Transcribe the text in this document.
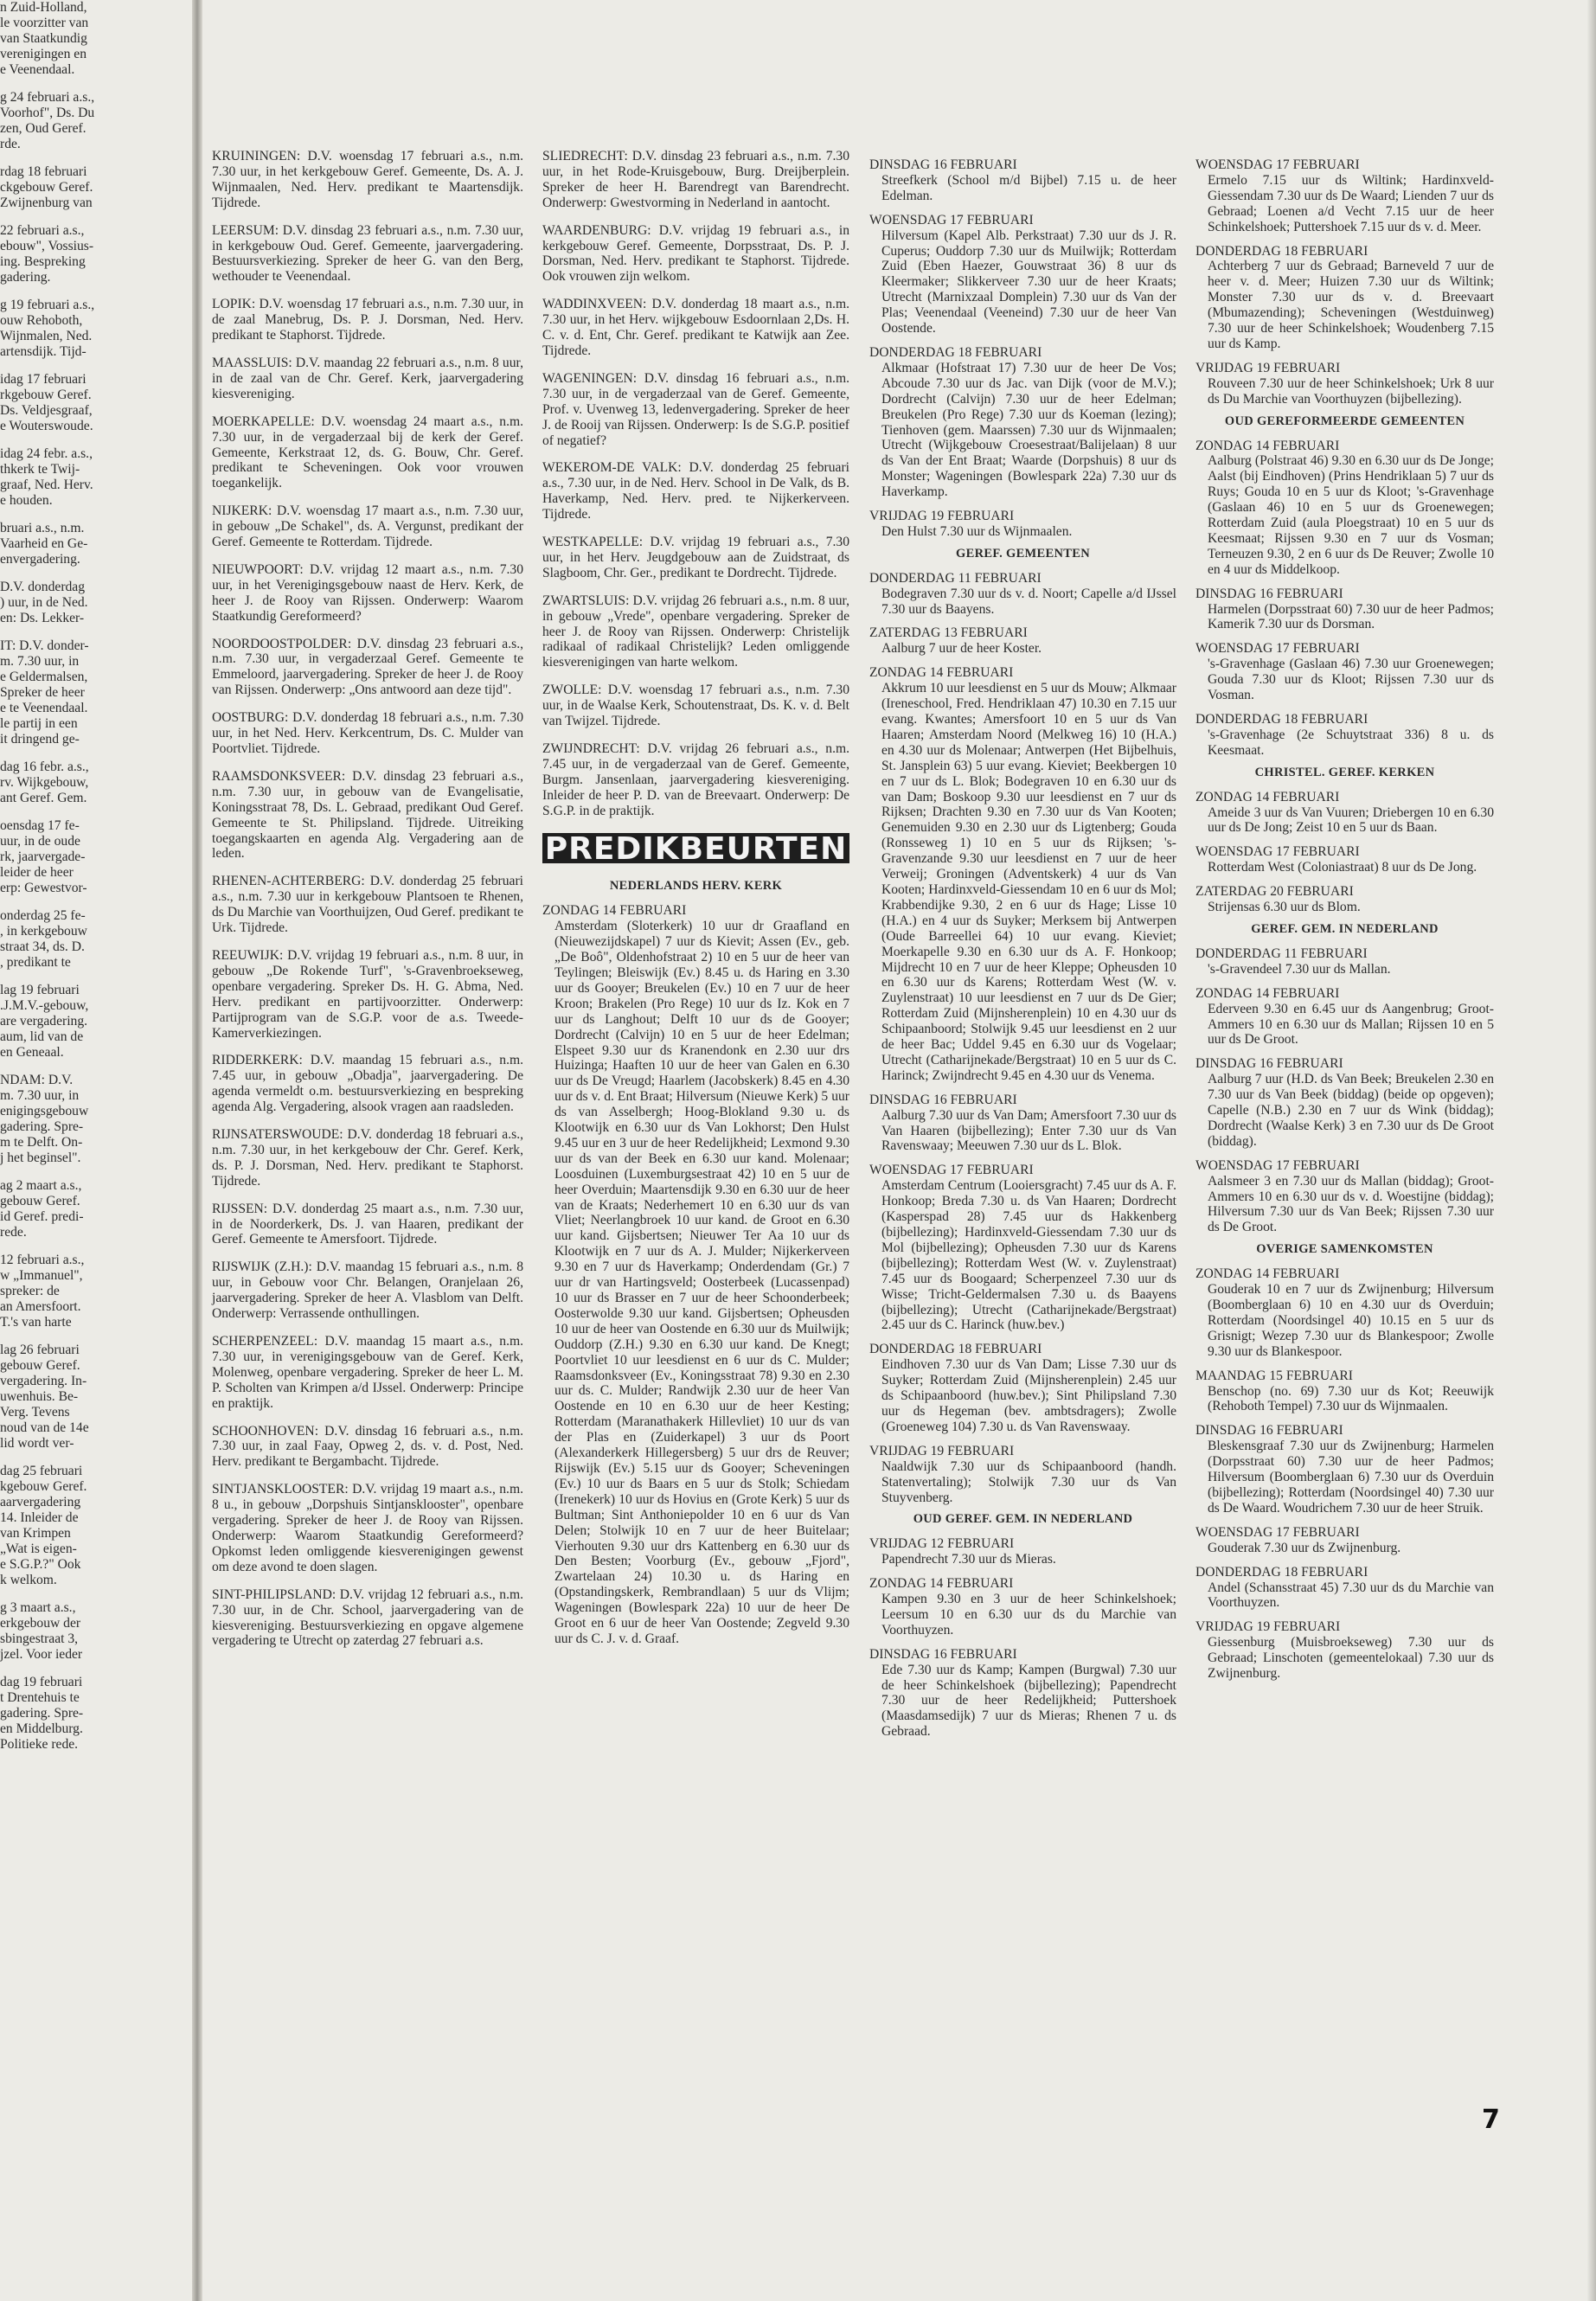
n Zuid-Holland,
le voorzitter van
van Staatkundig
verenigingen en
e Veenendaal.

g 24 februari a.s.,
Voorhof", Ds. Du
zen, Oud Geref.
rde.

rdag 18 februari
ckgebouw Geref.
Zwijnenburg van

22 februari a.s.,
ebouw", Vossius-
ing. Bespreking
gadering.

g 19 februari a.s.,
ouw Rehoboth,
Wijnmalen, Ned.
artensdijk. Tijd-

idag 17 februari
rkgebouw Geref.
Ds. Veldjesgraaf,
e Wouterswoude.

idag 24 febr. a.s.,
thkerk te Twij-
graaf, Ned. Herv.
e houden.

bruari a.s., n.m.
Vaarheid en Ge-
envergadering.

D.V. donderdag
) uur, in de Ned.
en: Ds. Lekker-

IT: D.V. donder-
m. 7.30 uur, in
e Geldermalsen,
Spreker de heer
e te Veenendaal.
le partij in een
it dringend ge-

dag 16 febr. a.s.,
rv. Wijkgebouw,
ant Geref. Gem.

oensdag 17 fe-
uur, in de oude
rk, jaarvergade-
leider de heer
erp: Gewestvor-

onderdag 25 fe-
, in kerkgebouw
straat 34, ds. D.
, predikant te

lag 19 februari
.J.M.V.-gebouw,
are vergadering.
aum, lid van de
en Geneaal.

NDAM: D.V.
m. 7.30 uur, in
enigingsgebouw
gadering. Spre-
m te Delft. On-
j het beginsel".

ag 2 maart a.s.,
gebouw Geref.
id Geref. predi-
rede.

12 februari a.s.,
w „Immanuel",
spreker: de
an Amersfoort.
T.'s van harte

lag 26 februari
gebouw Geref.
vergadering. In-
uwenhuis. Be-
Verg. Tevens
noud van de 14e
lid wordt ver-

dag 25 februari
kgebouw Geref.
aarvergadering
14. Inleider de
van Krimpen
„Wat is eigen-
e S.G.P.?" Ook
k welkom.

g 3 maart a.s.,
erkgebouw der
sbingestraat 3,
jzel. Voor ieder

dag 19 februari
t Drentehuis te
gadering. Spre-
en Middelburg.
Politieke rede.

KRUININGEN: D.V. woensdag 17 februari a.s., n.m. 7.30 uur, in het kerkgebouw Geref. Gemeente, Ds. A. J. Wijnmaalen, Ned. Herv. predikant te Maartensdijk. Tijdrede.

LEERSUM: D.V. dinsdag 23 februari a.s., n.m. 7.30 uur, in kerkgebouw Oud. Geref. Gemeente, jaarvergadering. Bestuursverkiezing. Spreker de heer G. van den Berg, wethouder te Veenendaal.

LOPIK: D.V. woensdag 17 februari a.s., n.m. 7.30 uur, in de zaal Manebrug, Ds. P. J. Dorsman, Ned. Herv. predikant te Staphorst. Tijdrede.

MAASSLUIS: D.V. maandag 22 februari a.s., n.m. 8 uur, in de zaal van de Chr. Geref. Kerk, jaarvergadering kiesvereniging.

MOERKAPELLE: D.V. woensdag 24 maart a.s., n.m. 7.30 uur, in de vergaderzaal bij de kerk der Geref. Gemeente, Kerkstraat 12, ds. G. Bouw, Chr. Geref. predikant te Scheveningen. Ook voor vrouwen toegankelijk.

NIJKERK: D.V. woensdag 17 maart a.s., n.m. 7.30 uur, in gebouw „De Schakel", ds. A. Vergunst, predikant der Geref. Gemeente te Rotterdam. Tijdrede.

NIEUWPOORT: D.V. vrijdag 12 maart a.s., n.m. 7.30 uur, in het Verenigingsgebouw naast de Herv. Kerk, de heer J. de Rooy van Rijssen. Onderwerp: Waarom Staatkundig Gereformeerd?

NOORDOOSTPOLDER: D.V. dinsdag 23 februari a.s., n.m. 7.30 uur, in vergaderzaal Geref. Gemeente te Emmeloord, jaarvergadering. Spreker de heer J. de Rooy van Rijssen. Onderwerp: „Ons antwoord aan deze tijd".

OOSTBURG: D.V. donderdag 18 februari a.s., n.m. 7.30 uur, in het Ned. Herv. Kerkcentrum, Ds. C. Mulder van Poortvliet. Tijdrede.

RAAMSDONKSVEER: D.V. dinsdag 23 februari a.s., n.m. 7.30 uur, in gebouw van de Evangelisatie, Koningsstraat 78, Ds. L. Gebraad, predikant Oud Geref. Gemeente te St. Philipsland. Tijdrede. Uitreiking toegangskaarten en agenda Alg. Vergadering aan de leden.

RHENEN-ACHTERBERG: D.V. donderdag 25 februari a.s., n.m. 7.30 uur in kerkgebouw Plantsoen te Rhenen, ds Du Marchie van Voorthuijzen, Oud Geref. predikant te Urk. Tijdrede.

REEUWIJK: D.V. vrijdag 19 februari a.s., n.m. 8 uur, in gebouw „De Rokende Turf", 's-Gravenbroekseweg, openbare vergadering. Spreker Ds. H. G. Abma, Ned. Herv. predikant en partijvoorzitter. Onderwerp: Partijprogram van de S.G.P. voor de a.s. Tweede-Kamerverkiezingen.

RIDDERKERK: D.V. maandag 15 februari a.s., n.m. 7.45 uur, in gebouw „Obadja", jaarvergadering. De agenda vermeldt o.m. bestuursverkiezing en bespreking agenda Alg. Vergadering, alsook vragen aan raadsleden.

RIJNSATERSWOUDE: D.V. donderdag 18 februari a.s., n.m. 7.30 uur, in het kerkgebouw der Chr. Geref. Kerk, ds. P. J. Dorsman, Ned. Herv. predikant te Staphorst. Tijdrede.

RIJSSEN: D.V. donderdag 25 maart a.s., n.m. 7.30 uur, in de Noorderkerk, Ds. J. van Haaren, predikant der Geref. Gemeente te Amersfoort. Tijdrede.

RIJSWIJK (Z.H.): D.V. maandag 15 februari a.s., n.m. 8 uur, in Gebouw voor Chr. Belangen, Oranjelaan 26, jaarvergadering. Spreker de heer A. Vlasblom van Delft. Onderwerp: Verrassende onthullingen.

SCHERPENZEEL: D.V. maandag 15 maart a.s., n.m. 7.30 uur, in verenigingsgebouw van de Geref. Kerk, Molenweg, openbare vergadering. Spreker de heer L. M. P. Scholten van Krimpen a/d IJssel. Onderwerp: Principe en praktijk.

SCHOONHOVEN: D.V. dinsdag 16 februari a.s., n.m. 7.30 uur, in zaal Faay, Opweg 2, ds. v. d. Post, Ned. Herv. predikant te Bergambacht. Tijdrede.

SINTJANSKLOOSTER: D.V. vrijdag 19 maart a.s., n.m. 8 u., in gebouw „Dorpshuis Sintjansklooster", openbare vergadering. Spreker de heer J. de Rooy van Rijssen. Onderwerp: Waarom Staatkundig Gereformeerd? Opkomst leden omliggende kiesverenigingen gewenst om deze avond te doen slagen.

SINT-PHILIPSLAND: D.V. vrijdag 12 februari a.s., n.m. 7.30 uur, in de Chr. School, jaarvergadering van de kiesvereniging. Bestuursverkiezing en opgave algemene vergadering te Utrecht op zaterdag 27 februari a.s.

SLIEDRECHT: D.V. dinsdag 23 februari a.s., n.m. 7.30 uur, in het Rode-Kruisgebouw, Burg. Dreijberplein. Spreker de heer H. Barendregt van Barendrecht. Onderwerp: Gwestvorming in Nederland in aantocht.

WAARDENBURG: D.V. vrijdag 19 februari a.s., in kerkgebouw Geref. Gemeente, Dorpsstraat, Ds. P. J. Dorsman, Ned. Herv. predikant te Staphorst. Tijdrede. Ook vrouwen zijn welkom.

WADDINXVEEN: D.V. donderdag 18 maart a.s., n.m. 7.30 uur, in het Herv. wijkgebouw Esdoornlaan 2,Ds. H. C. v. d. Ent, Chr. Geref. predikant te Katwijk aan Zee. Tijdrede.

WAGENINGEN: D.V. dinsdag 16 februari a.s., n.m. 7.30 uur, in de vergaderzaal van de Geref. Gemeente, Prof. v. Uvenweg 13, ledenvergadering. Spreker de heer J. de Rooij van Rijssen. Onderwerp: Is de S.G.P. positief of negatief?

WEKEROM-DE VALK: D.V. donderdag 25 februari a.s., 7.30 uur, in de Ned. Herv. School in De Valk, ds B. Haverkamp, Ned. Herv. pred. te Nijkerkerveen. Tijdrede.

WESTKAPELLE: D.V. vrijdag 19 februari a.s., 7.30 uur, in het Herv. Jeugdgebouw aan de Zuidstraat, ds Slagboom, Chr. Ger., predikant te Dordrecht. Tijdrede.

ZWARTSLUIS: D.V. vrijdag 26 februari a.s., n.m. 8 uur, in gebouw „Vrede", openbare vergadering. Spreker de heer J. de Rooy van Rijssen. Onderwerp: Christelijk radikaal of radikaal Christelijk? Leden omliggende kiesverenigingen van harte welkom.

ZWOLLE: D.V. woensdag 17 februari a.s., n.m. 7.30 uur, in de Waalse Kerk, Schoutenstraat, Ds. K. v. d. Belt van Twijzel. Tijdrede.

ZWIJNDRECHT: D.V. vrijdag 26 februari a.s., n.m. 7.45 uur, in de vergaderzaal van de Geref. Gemeente, Burgm. Jansenlaan, jaarvergadering kiesvereniging. Inleider de heer P. D. van de Breevaart. Onderwerp: De S.G.P. in de praktijk.

PREDIKBEURTEN
NEDERLANDS HERV. KERK
ZONDAG 14 FEBRUARI
Amsterdam (Sloterkerk) 10 uur dr Graafland en (Nieuwezijdskapel) 7 uur ds Kievit; Assen (Ev., geb. „De Boô", Oldenhofstraat 2) 10 en 5 uur de heer van Teylingen; Bleiswijk (Ev.) 8.45 u. ds Haring en 3.30 uur ds Gooyer; Breukelen (Ev.) 10 en 7 uur de heer Kroon; Brakelen (Pro Rege) 10 uur ds Iz. Kok en 7 uur ds Langhout; Delft 10 uur ds de Gooyer; Dordrecht (Calvijn) 10 en 5 uur de heer Edelman; Elspeet 9.30 uur ds Kranendonk en 2.30 uur drs Huizinga; Haaften 10 uur de heer van Galen en 6.30 uur ds De Vreugd; Haarlem (Jacobskerk) 8.45 en 4.30 uur ds v. d. Ent Braat; Hilversum (Nieuwe Kerk) 5 uur ds van Asselbergh; Hoog-Blokland 9.30 u. ds Klootwijk en 6.30 uur ds Van Lokhorst; Den Hulst 9.45 uur en 3 uur de heer Redelijkheid; Lexmond 9.30 uur ds van der Beek en 6.30 uur kand. Molenaar; Loosduinen (Luxemburgsestraat 42) 10 en 5 uur de heer Overduin; Maartensdijk 9.30 en 6.30 uur de heer van de Kraats; Nederhemert 10 en 6.30 uur ds van Vliet; Neerlangbroek 10 uur kand. de Groot en 6.30 uur kand. Gijsbertsen; Nieuwer Ter Aa 10 uur ds Klootwijk en 7 uur ds A. J. Mulder; Nijkerkerveen 9.30 en 7 uur ds Haverkamp; Onderdendam (Gr.) 7 uur dr van Hartingsveld; Oosterbeek (Lucassenpad) 10 uur ds Brasser en 7 uur de heer Schoonderbeek; Oosterwolde 9.30 uur kand. Gijsbertsen; Opheusden 10 uur de heer van Oostende en 6.30 uur ds Muilwijk; Ouddorp (Z.H.) 9.30 en 6.30 uur kand. De Knegt; Poortvliet 10 uur leesdienst en 6 uur ds C. Mulder; Raamsdonksveer (Ev., Koningsstraat 78) 9.30 en 2.30 uur ds. C. Mulder; Randwijk 2.30 uur de heer Van Oostende en 10 en 6.30 uur de heer Kesting; Rotterdam (Maranathakerk Hillevliet) 10 uur ds van der Plas en (Zuiderkapel) 3 uur ds Poort (Alexanderkerk Hillegersberg) 5 uur drs de Reuver; Rijswijk (Ev.) 5.15 uur ds Gooyer; Scheveningen (Ev.) 10 uur ds Baars en 5 uur ds Stolk; Schiedam (Irenekerk) 10 uur ds Hovius en (Grote Kerk) 5 uur ds Bultman; Sint Anthoniepolder 10 en 6 uur ds Van Delen; Stolwijk 10 en 7 uur de heer Buitelaar; Vierhouten 9.30 uur drs Kattenberg en 6.30 uur ds Den Besten; Voorburg (Ev., gebouw „Fjord", Zwartelaan 24) 10.30 u. ds Haring en (Opstandingskerk, Rembrandlaan) 5 uur ds Vlijm; Wageningen (Bowlespark 22a) 10 uur de heer De Groot en 6 uur de heer Van Oostende; Zegveld 9.30 uur ds C. J. v. d. Graaf.
DINSDAG 16 FEBRUARI
Streefkerk (School m/d Bijbel) 7.15 u. de heer Edelman.
WOENSDAG 17 FEBRUARI
Hilversum (Kapel Alb. Perkstraat) 7.30 uur ds J. R. Cuperus; Ouddorp 7.30 uur ds Muilwijk; Rotterdam Zuid (Eben Haezer, Gouwstraat 36) 8 uur ds Kleermaker; Slikkerveer 7.30 uur de heer Kraats; Utrecht (Marnixzaal Domplein) 7.30 uur ds Van der Plas; Veenendaal (Veeneind) 7.30 uur de heer Van Oostende.
DONDERDAG 18 FEBRUARI
Alkmaar (Hofstraat 17) 7.30 uur de heer De Vos; Abcoude 7.30 uur ds Jac. van Dijk (voor de M.V.); Dordrecht (Calvijn) 7.30 uur de heer Edelman; Breukelen (Pro Rege) 7.30 uur ds Koeman (lezing); Tienhoven (gem. Maarssen) 7.30 uur ds Wijnmaalen; Utrecht (Wijkgebouw Croesestraat/Balijelaan) 8 uur ds Van der Ent Braat; Waarde (Dorpshuis) 8 uur ds Monster; Wageningen (Bowlespark 22a) 7.30 uur ds Haverkamp.
VRIJDAG 19 FEBRUARI
Den Hulst 7.30 uur ds Wijnmaalen.
GEREF. GEMEENTEN
DONDERDAG 11 FEBRUARI
Bodegraven 7.30 uur ds v. d. Noort; Capelle a/d IJssel 7.30 uur ds Baayens.
ZATERDAG 13 FEBRUARI
Aalburg 7 uur de heer Koster.
ZONDAG 14 FEBRUARI
Akkrum 10 uur leesdienst en 5 uur ds Mouw; Alkmaar (Ireneschool, Fred. Hendriklaan 47) 10.30 en 7.15 uur evang. Kwantes; Amersfoort 10 en 5 uur ds Van Haaren; Amsterdam Noord (Melkweg 16) 10 (H.A.) en 4.30 uur ds Molenaar; Antwerpen (Het Bijbelhuis, St. Jansplein 63) 5 uur evang. Kieviet; Beekbergen 10 en 7 uur ds L. Blok; Bodegraven 10 en 6.30 uur ds van Dam; Boskoop 9.30 uur leesdienst en 7 uur ds Rijksen; Drachten 9.30 en 7.30 uur ds Van Kooten; Genemuiden 9.30 en 2.30 uur ds Ligtenberg; Gouda (Ronsseweg 1) 10 en 5 uur ds Rijksen; 's-Gravenzande 9.30 uur leesdienst en 7 uur de heer Verweij; Groningen (Adventskerk) 4 uur ds Van Kooten; Hardinxveld-Giessendam 10 en 6 uur ds Mol; Krabbendijke 9.30, 2 en 6 uur ds Hage; Lisse 10 (H.A.) en 4 uur ds Suyker; Merksem bij Antwerpen (Oude Barreellei 64) 10 uur evang. Kieviet; Moerkapelle 9.30 en 6.30 uur ds A. F. Honkoop; Mijdrecht 10 en 7 uur de heer Kleppe; Opheusden 10 en 6.30 uur ds Karens; Rotterdam West (W. v. Zuylenstraat) 10 uur leesdienst en 7 uur ds De Gier; Rotterdam Zuid (Mijnsherenplein) 10 en 4.30 uur ds Schipaanboord; Stolwijk 9.45 uur leesdienst en 2 uur de heer Bac; Uddel 9.45 en 6.30 uur ds Vogelaar; Utrecht (Catharijnekade/Bergstraat) 10 en 5 uur ds C. Harinck; Zwijndrecht 9.45 en 4.30 uur ds Venema.
DINSDAG 16 FEBRUARI
Aalburg 7.30 uur ds Van Dam; Amersfoort 7.30 uur ds Van Haaren (bijbellezing); Enter 7.30 uur ds Van Ravenswaay; Meeuwen 7.30 uur ds L. Blok.
WOENSDAG 17 FEBRUARI
Amsterdam Centrum (Looiersgracht) 7.45 uur ds A. F. Honkoop; Breda 7.30 u. ds Van Haaren; Dordrecht (Kasperspad 28) 7.45 uur ds Hakkenberg (bijbellezing); Hardinxveld-Giessendam 7.30 uur ds Mol (bijbellezing); Opheusden 7.30 uur ds Karens (bijbellezing); Rotterdam West (W. v. Zuylenstraat) 7.45 uur ds Boogaard; Scherpenzeel 7.30 uur ds Wisse; Tricht-Geldermalsen 7.30 u. ds Baayens (bijbellezing); Utrecht (Catharijnekade/Bergstraat) 2.45 uur ds C. Harinck (huw.bev.)
DONDERDAG 18 FEBRUARI
Eindhoven 7.30 uur ds Van Dam; Lisse 7.30 uur ds Suyker; Rotterdam Zuid (Mijnsherenplein) 2.45 uur ds Schipaanboord (huw.bev.); Sint Philipsland 7.30 uur ds Hegeman (bev. ambtsdragers); Zwolle (Groeneweg 104) 7.30 u. ds Van Ravenswaay.
VRIJDAG 19 FEBRUARI
Naaldwijk 7.30 uur ds Schipaanboord (handh. Statenvertaling); Stolwijk 7.30 uur ds Van Stuyvenberg.
OUD GEREF. GEM. IN NEDERLAND
VRIJDAG 12 FEBRUARI
Papendrecht 7.30 uur ds Mieras.
ZONDAG 14 FEBRUARI
Kampen 9.30 en 3 uur de heer Schinkelshoek; Leersum 10 en 6.30 uur ds du Marchie van Voorthuyzen.
DINSDAG 16 FEBRUARI
Ede 7.30 uur ds Kamp; Kampen (Burgwal) 7.30 uur de heer Schinkelshoek (bijbellezing); Papendrecht 7.30 uur de heer Redelijkheid; Puttershoek (Maasdamsedijk) 7 uur ds Mieras; Rhenen 7 u. ds Gebraad.
WOENSDAG 17 FEBRUARI
Ermelo 7.15 uur ds Wiltink; Hardinxveld-Giessendam 7.30 uur ds De Waard; Lienden 7 uur ds Gebraad; Loenen a/d Vecht 7.15 uur de heer Schinkelshoek; Puttershoek 7.15 uur ds v. d. Meer.
DONDERDAG 18 FEBRUARI
Achterberg 7 uur ds Gebraad; Barneveld 7 uur de heer v. d. Meer; Huizen 7.30 uur ds Wiltink; Monster 7.30 uur ds v. d. Breevaart (Mbumazending); Scheveningen (Westduinweg) 7.30 uur de heer Schinkelshoek; Woudenberg 7.15 uur ds Kamp.
VRIJDAG 19 FEBRUARI
Rouveen 7.30 uur de heer Schinkelshoek; Urk 8 uur ds Du Marchie van Voorthuyzen (bijbellezing).
OUD GEREFORMEERDE GEMEENTEN
ZONDAG 14 FEBRUARI
Aalburg (Polstraat 46) 9.30 en 6.30 uur ds De Jonge; Aalst (bij Eindhoven) (Prins Hendriklaan 5) 7 uur ds Ruys; Gouda 10 en 5 uur ds Kloot; 's-Gravenhage (Gaslaan 46) 10 en 5 uur ds Groenewegen; Rotterdam Zuid (aula Ploegstraat) 10 en 5 uur ds Keesmaat; Rijssen 9.30 en 7 uur ds Vosman; Terneuzen 9.30, 2 en 6 uur ds De Reuver; Zwolle 10 en 4 uur ds Middelkoop.
DINSDAG 16 FEBRUARI
Harmelen (Dorpsstraat 60) 7.30 uur de heer Padmos; Kamerik 7.30 uur ds Dorsman.
WOENSDAG 17 FEBRUARI
's-Gravenhage (Gaslaan 46) 7.30 uur Groenewegen; Gouda 7.30 uur ds Kloot; Rijssen 7.30 uur ds Vosman.
DONDERDAG 18 FEBRUARI
's-Gravenhage (2e Schuytstraat 336) 8 u. ds Keesmaat.
CHRISTEL. GEREF. KERKEN
ZONDAG 14 FEBRUARI
Ameide 3 uur ds Van Vuuren; Driebergen 10 en 6.30 uur ds De Jong; Zeist 10 en 5 uur ds Baan.
WOENSDAG 17 FEBRUARI
Rotterdam West (Coloniastraat) 8 uur ds De Jong.
ZATERDAG 20 FEBRUARI
Strijensas 6.30 uur ds Blom.
GEREF. GEM. IN NEDERLAND
DONDERDAG 11 FEBRUARI
's-Gravendeel 7.30 uur ds Mallan.
ZONDAG 14 FEBRUARI
Ederveen 9.30 en 6.45 uur ds Aangenbrug; Groot-Ammers 10 en 6.30 uur ds Mallan; Rijssen 10 en 5 uur ds De Groot.
DINSDAG 16 FEBRUARI
Aalburg 7 uur (H.D. ds Van Beek; Breukelen 2.30 en 7.30 uur ds Van Beek (biddag) (beide op opgeven); Capelle (N.B.) 2.30 en 7 uur ds Wink (biddag); Dordrecht (Waalse Kerk) 3 en 7.30 uur ds De Groot (biddag).
WOENSDAG 17 FEBRUARI
Aalsmeer 3 en 7.30 uur ds Mallan (biddag); Groot-Ammers 10 en 6.30 uur ds v. d. Woestijne (biddag); Hilversum 7.30 uur ds Van Beek; Rijssen 7.30 uur ds De Groot.
OVERIGE SAMENKOMSTEN
ZONDAG 14 FEBRUARI
Gouderak 10 en 7 uur ds Zwijnenburg; Hilversum (Boomberglaan 6) 10 en 4.30 uur ds Overduin; Rotterdam (Noordsingel 40) 10.15 en 5 uur ds Grisnigt; Wezep 7.30 uur ds Blankespoor; Zwolle 9.30 uur ds Blankespoor.
MAANDAG 15 FEBRUARI
Benschop (no. 69) 7.30 uur ds Kot; Reeuwijk (Rehoboth Tempel) 7.30 uur ds Wijnmaalen.
DINSDAG 16 FEBRUARI
Bleskensgraaf 7.30 uur ds Zwijnenburg; Harmelen (Dorpsstraat 60) 7.30 uur de heer Padmos; Hilversum (Boomberglaan 6) 7.30 uur ds Overduin (bijbellezing); Rotterdam (Noordsingel 40) 7.30 uur ds De Waard. Woudrichem 7.30 uur de heer Struik.
WOENSDAG 17 FEBRUARI
Gouderak 7.30 uur ds Zwijnenburg.
DONDERDAG 18 FEBRUARI
Andel (Schansstraat 45) 7.30 uur ds du Marchie van Voorthuyzen.
VRIJDAG 19 FEBRUARI
Giessenburg (Muisbroekseweg) 7.30 uur ds Gebraad; Linschoten (gemeentelokaal) 7.30 uur ds Zwijnenburg.
7
